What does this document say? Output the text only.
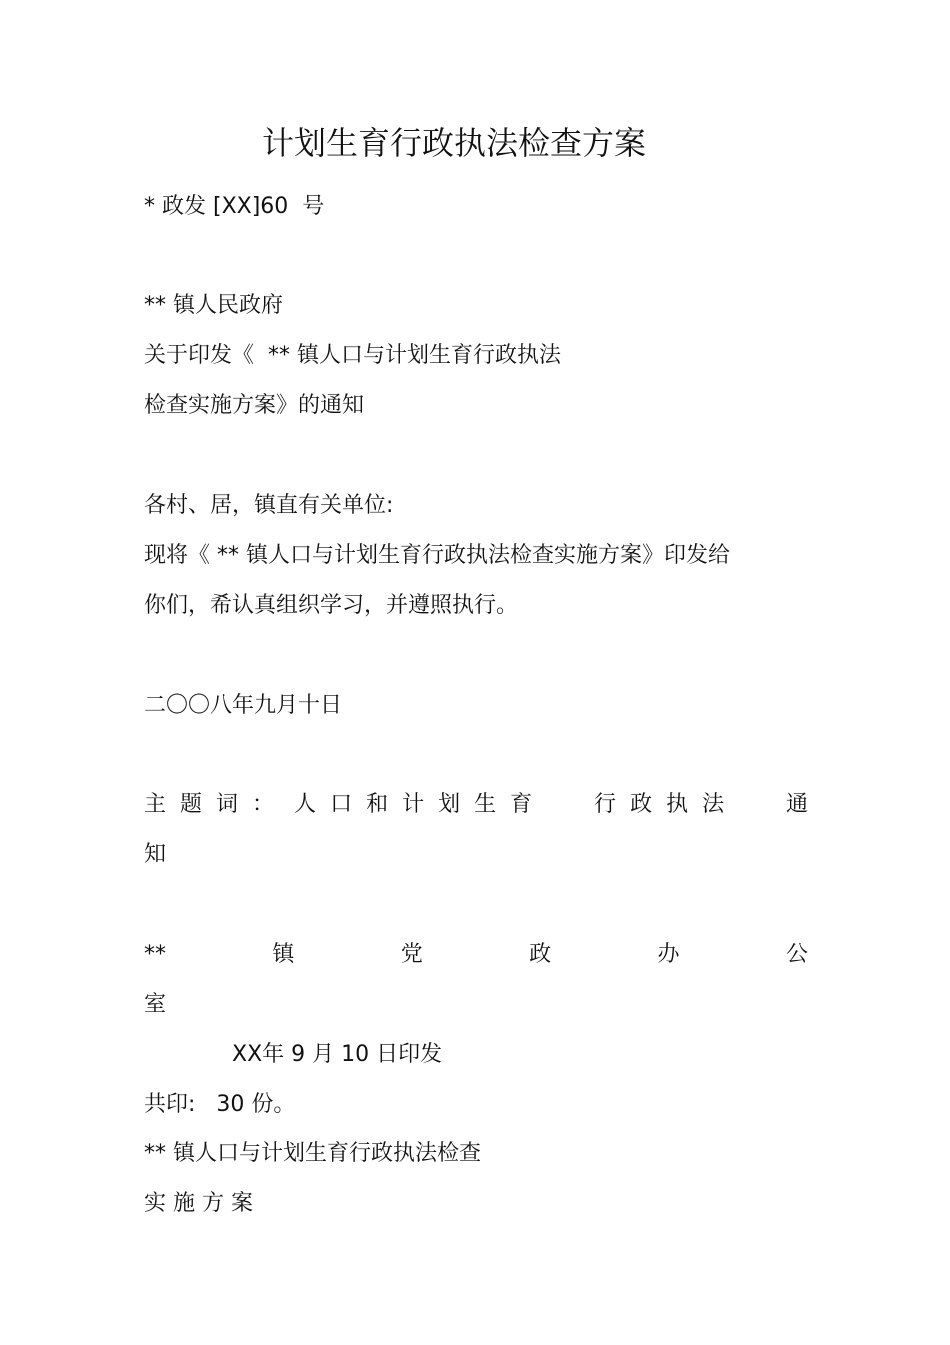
计划生育行政执法检查方案
* 政发 [XX]60  号
** 镇人民政府
关于印发《  ** 镇人口与计划生育行政执法
检查实施方案》的通知
各村、居，镇直有关单位:
现将《 ** 镇人口与计划生育行政执法检查实施方案》印发给
你们，希认真组织学习，并遵照执行。
二〇〇八年九月十日
主 题 词 ： 人 口 和 计 划 生 育	行 政 执 法	通
知
**	镇	党	政	办	公
室
XX年 9 月 10 日印发
共印:   30 份。
** 镇人口与计划生育行政执法检查
实 施 方 案
